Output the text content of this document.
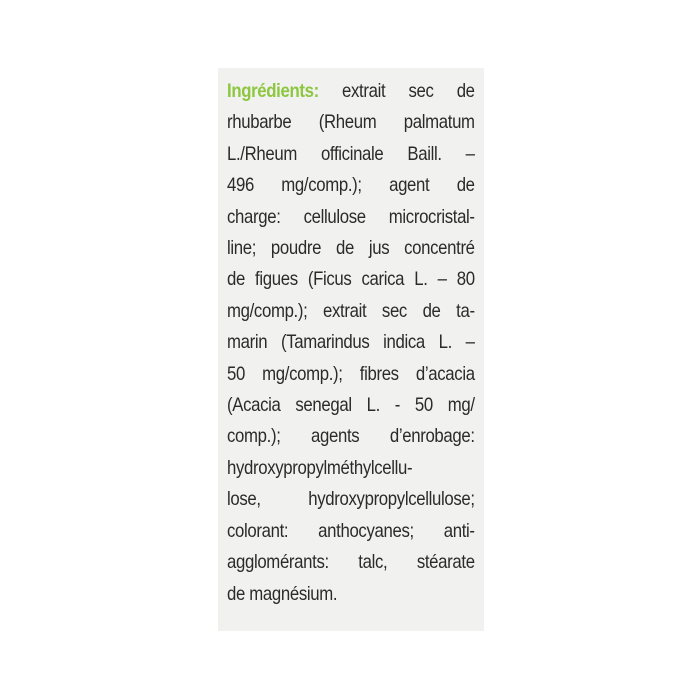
Ingrédients: extrait sec de
rhubarbe (Rheum palmatum
L./Rheum officinale Baill. –
496 mg/comp.); agent de
charge: cellulose microcristal-
line; poudre de jus concentré
de figues (Ficus carica L. – 80
mg/comp.); extrait sec de ta-
marin (Tamarindus indica L. –
50 mg/comp.); fibres d’acacia
(Acacia senegal L. - 50 mg/
comp.); agents d’enrobage:
hydroxypropylméthylcellu-
lose, hydroxypropylcellulose;
colorant: anthocyanes; anti-
agglomérants: talc, stéarate
de magnésium.
